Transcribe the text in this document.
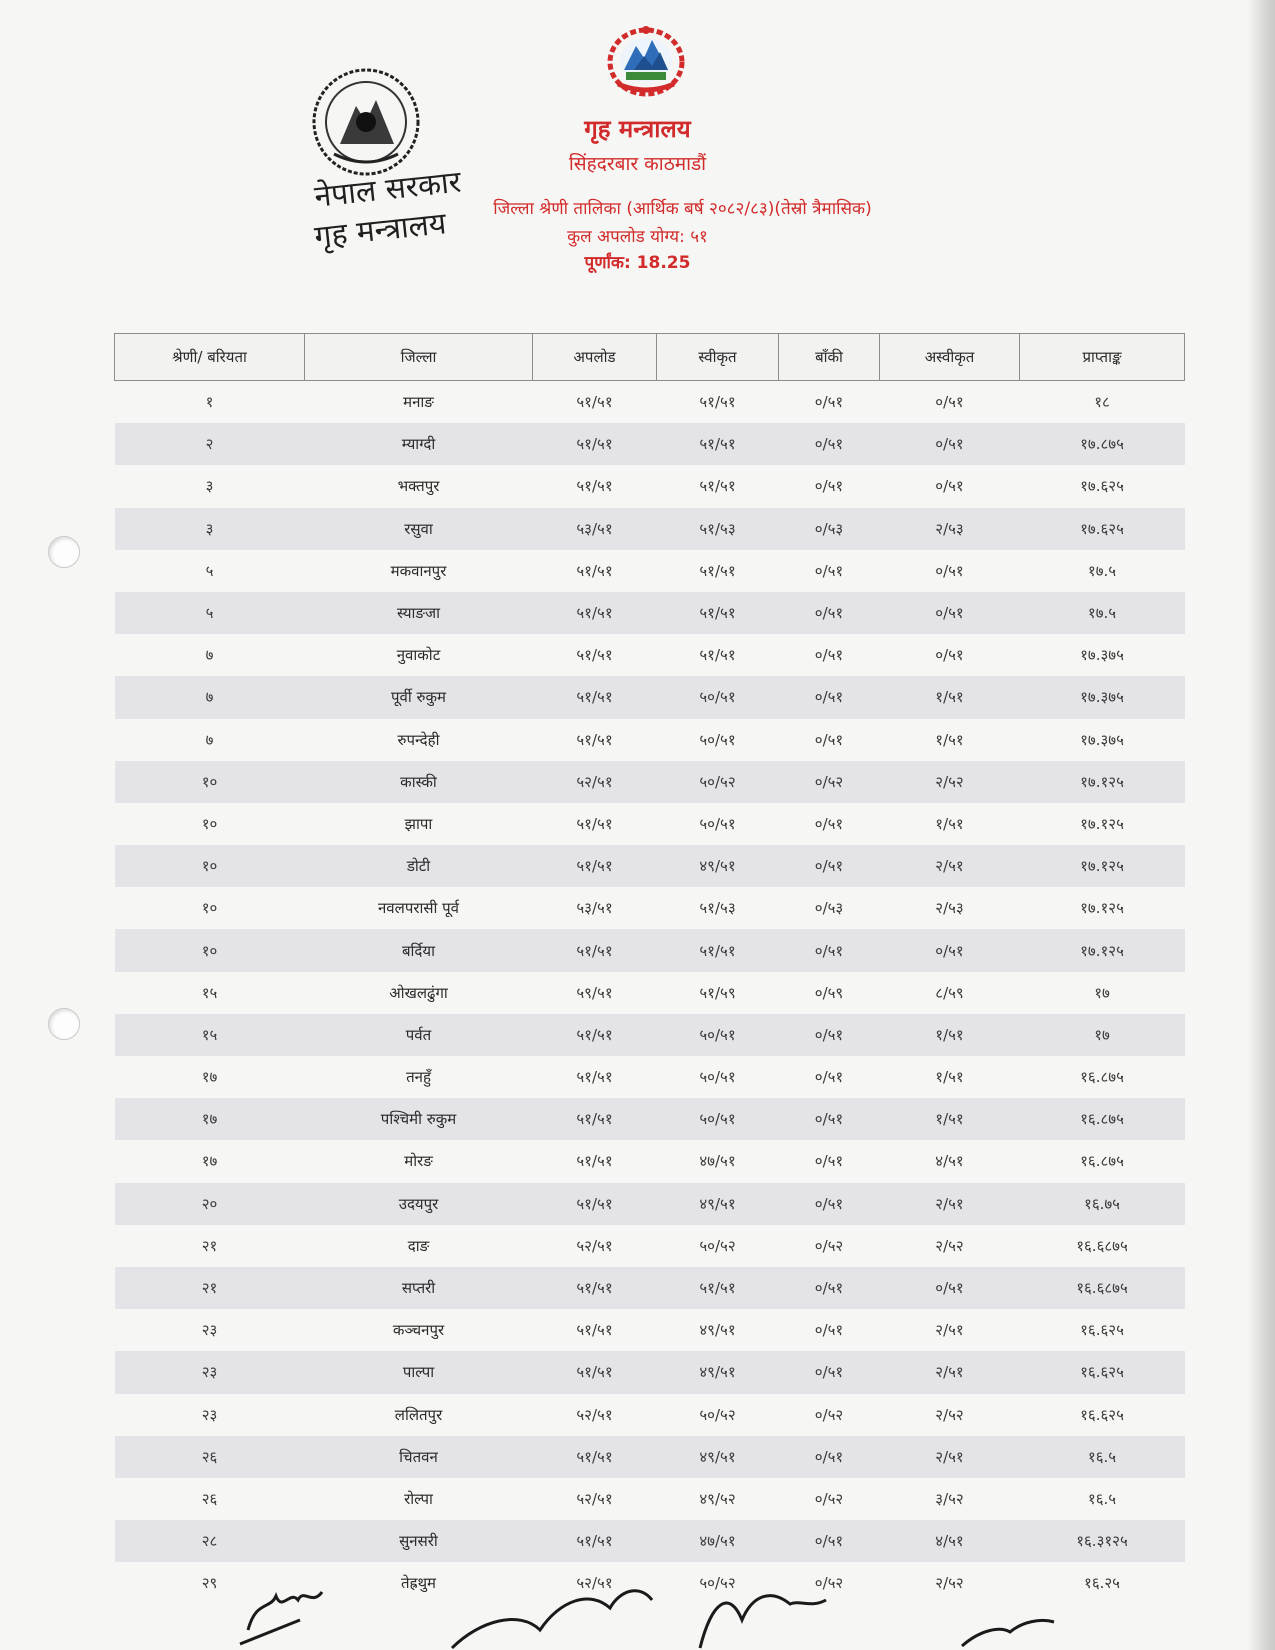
नेपाल सरकार
गृह मन्त्रालय
गृह मन्त्रालय
सिंहदरबार काठमाडौं
जिल्ला श्रेणी तालिका (आर्थिक बर्ष २०८२/८३)(तेस्रो त्रैमासिक)
कुल अपलोड योग्य: ५१
पूर्णांक: 18.25
श्रेणी/ बरियता	जिल्ला	अपलोड	स्वीकृत	बाँकी	अस्वीकृत	प्राप्ताङ्क
१	मनाङ	५१/५१	५१/५१	०/५१	०/५१	१८
२	म्याग्दी	५१/५१	५१/५१	०/५१	०/५१	१७.८७५
३	भक्तपुर	५१/५१	५१/५१	०/५१	०/५१	१७.६२५
३	रसुवा	५३/५१	५१/५३	०/५३	२/५३	१७.६२५
५	मकवानपुर	५१/५१	५१/५१	०/५१	०/५१	१७.५
५	स्याङजा	५१/५१	५१/५१	०/५१	०/५१	१७.५
७	नुवाकोट	५१/५१	५१/५१	०/५१	०/५१	१७.३७५
७	पूर्वी रुकुम	५१/५१	५०/५१	०/५१	१/५१	१७.३७५
७	रुपन्देही	५१/५१	५०/५१	०/५१	१/५१	१७.३७५
१०	कास्की	५२/५१	५०/५२	०/५२	२/५२	१७.१२५
१०	झापा	५१/५१	५०/५१	०/५१	१/५१	१७.१२५
१०	डोटी	५१/५१	४९/५१	०/५१	२/५१	१७.१२५
१०	नवलपरासी पूर्व	५३/५१	५१/५३	०/५३	२/५३	१७.१२५
१०	बर्दिया	५१/५१	५१/५१	०/५१	०/५१	१७.१२५
१५	ओखलढुंगा	५९/५१	५१/५९	०/५९	८/५९	१७
१५	पर्वत	५१/५१	५०/५१	०/५१	१/५१	१७
१७	तनहुँ	५१/५१	५०/५१	०/५१	१/५१	१६.८७५
१७	पश्चिमी रुकुम	५१/५१	५०/५१	०/५१	१/५१	१६.८७५
१७	मोरङ	५१/५१	४७/५१	०/५१	४/५१	१६.८७५
२०	उदयपुर	५१/५१	४९/५१	०/५१	२/५१	१६.७५
२१	दाङ	५२/५१	५०/५२	०/५२	२/५२	१६.६८७५
२१	सप्तरी	५१/५१	५१/५१	०/५१	०/५१	१६.६८७५
२३	कञ्चनपुर	५१/५१	४९/५१	०/५१	२/५१	१६.६२५
२३	पाल्पा	५१/५१	४९/५१	०/५१	२/५१	१६.६२५
२३	ललितपुर	५२/५१	५०/५२	०/५२	२/५२	१६.६२५
२६	चितवन	५१/५१	४९/५१	०/५१	२/५१	१६.५
२६	रोल्पा	५२/५१	४९/५२	०/५२	३/५२	१६.५
२८	सुनसरी	५१/५१	४७/५१	०/५१	४/५१	१६.३१२५
२९	तेह्रथुम	५२/५१	५०/५२	०/५२	२/५२	१६.२५
